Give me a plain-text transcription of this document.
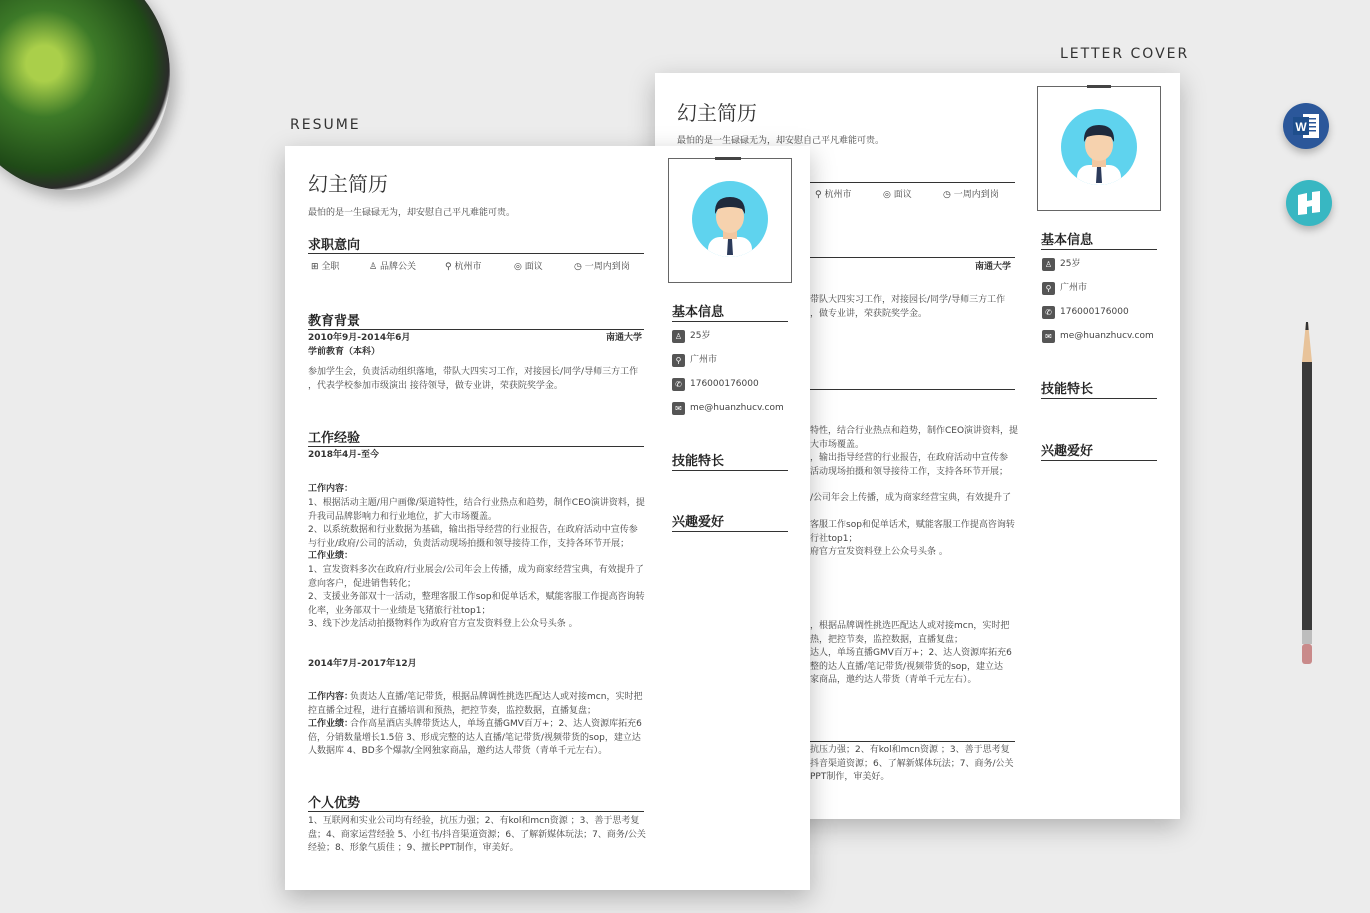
RESUME
LETTER COVER
幻主简历
最怕的是一生碌碌无为，却安慰自己平凡难能可贵。
⚲ 杭州市	◎ 面议	◷ 一周内到岗
南通大学
带队大四实习工作，对接园长/同学/导师三方工作
，做专业讲，荣获院奖学金。
特性，结合行业热点和趋势，制作CEO演讲资料，提
大市场覆盖。
，输出指导经营的行业报告，在政府活动中宣传参
活动现场拍摄和领导接待工作，支持各环节开展；
/公司年会上传播，成为商家经营宝典，有效提升了
客服工作sop和促单话术，赋能客服工作提高咨询转
行社top1；
府官方宣发资料登上公众号头条 。
，根据品牌调性挑选匹配达人或对接mcn，实时把
热，把控节奏，监控数据，直播复盘；
达人，单场直播GMV百万+；2、达人资源库拓充6
整的达人直播/笔记带货/视频带货的sop，建立达
家商品，邀约达人带货（青单千元左右）。
抗压力强；2、有kol和mcn资源 ；3、善于思考复
抖音渠道资源；6、了解新媒体玩法；7、商务/公关
PPT制作，审美好。
基本信息
♙ 25岁
⚲ 广州市
✆ 176000176000
✉ me@huanzhucv.com
技能特长
兴趣爱好
幻主简历
最怕的是一生碌碌无为，却安慰自己平凡难能可贵。
求职意向
⊞ 全职	♙ 品牌公关	⚲ 杭州市	◎ 面议	◷ 一周内到岗
教育背景
2010年9月-2014年6月	南通大学
学前教育（本科）
参加学生会，负责活动组织落地，带队大四实习工作，对接园长/同学/导师三方工作
，代表学校参加市级演出 接待领导，做专业讲，荣获院奖学金。
工作经验
2018年4月-至今
工作内容：
1、根据活动主题/用户画像/渠道特性，结合行业热点和趋势，制作CEO演讲资料，提
升我司品牌影响力和行业地位，扩大市场覆盖。
2、以系统数据和行业数据为基础，输出指导经营的行业报告，在政府活动中宣传参
与行业/政府/公司的活动，负责活动现场拍摄和领导接待工作，支持各环节开展；
工作业绩：
1、宣发资料多次在政府/行业展会/公司年会上传播，成为商家经营宝典，有效提升了
意向客户，促进销售转化；
2、支援业务部双十一活动，整理客服工作sop和促单话术，赋能客服工作提高咨询转
化率，业务部双十一业绩是飞猪旅行社top1；
3、线下沙龙活动拍摄物料作为政府官方宣发资料登上公众号头条 。
2014年7月-2017年12月
工作内容：
负责达人直播/笔记带货，根据品牌调性挑选匹配达人或对接mcn，实时把
控直播全过程，进行直播培训和预热，把控节奏，监控数据，直播复盘；
工作业绩：
合作高星酒店头牌带货达人，单场直播GMV百万+；2、达人资源库拓充6
倍，分销数量增长1.5倍 3、形成完整的达人直播/笔记带货/视频带货的sop，建立达
人数据库 4、BD多个爆款/全网独家商品，邀约达人带货（青单千元左右）。
个人优势
1、互联网和实业公司均有经验，抗压力强；2、有kol和mcn资源 ；3、善于思考复
盘；4、商家运营经验 5、小红书/抖音渠道资源；6、了解新媒体玩法；7、商务/公关
经验；8、形象气质佳 ；9、擅长PPT制作，审美好。
基本信息
♙ 25岁
⚲ 广州市
✆ 176000176000
✉ me@huanzhucv.com
技能特长
兴趣爱好
W
